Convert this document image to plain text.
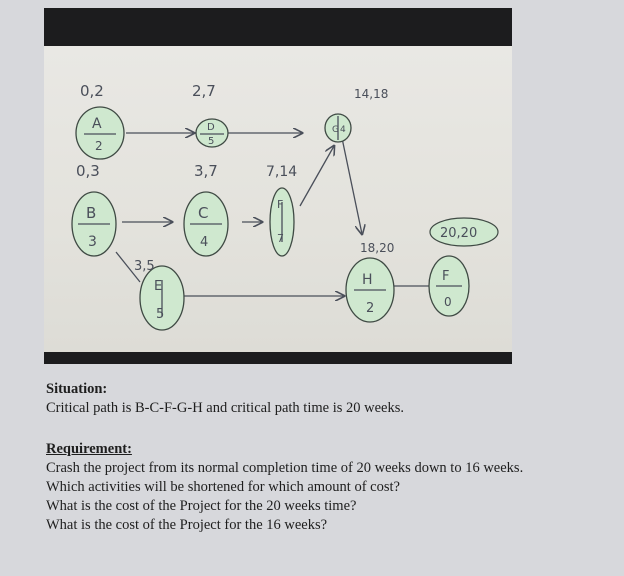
A
2
0,2
B
3
0,3
D
5
2,7
C
4
3,7
F
7
7,14
G 4
14,18
E
5
3,5
H
2
18,20
F
0
20,20
Situation:
Critical path is B-C-F-G-H and critical path time is 20 weeks.
Requirement:
Crash the project from its normal completion time of 20 weeks down to 16 weeks.
Which activities will be shortened for which amount of cost?
What is the cost of the Project for the 20 weeks time?
What is the cost of the Project for the 16 weeks?
